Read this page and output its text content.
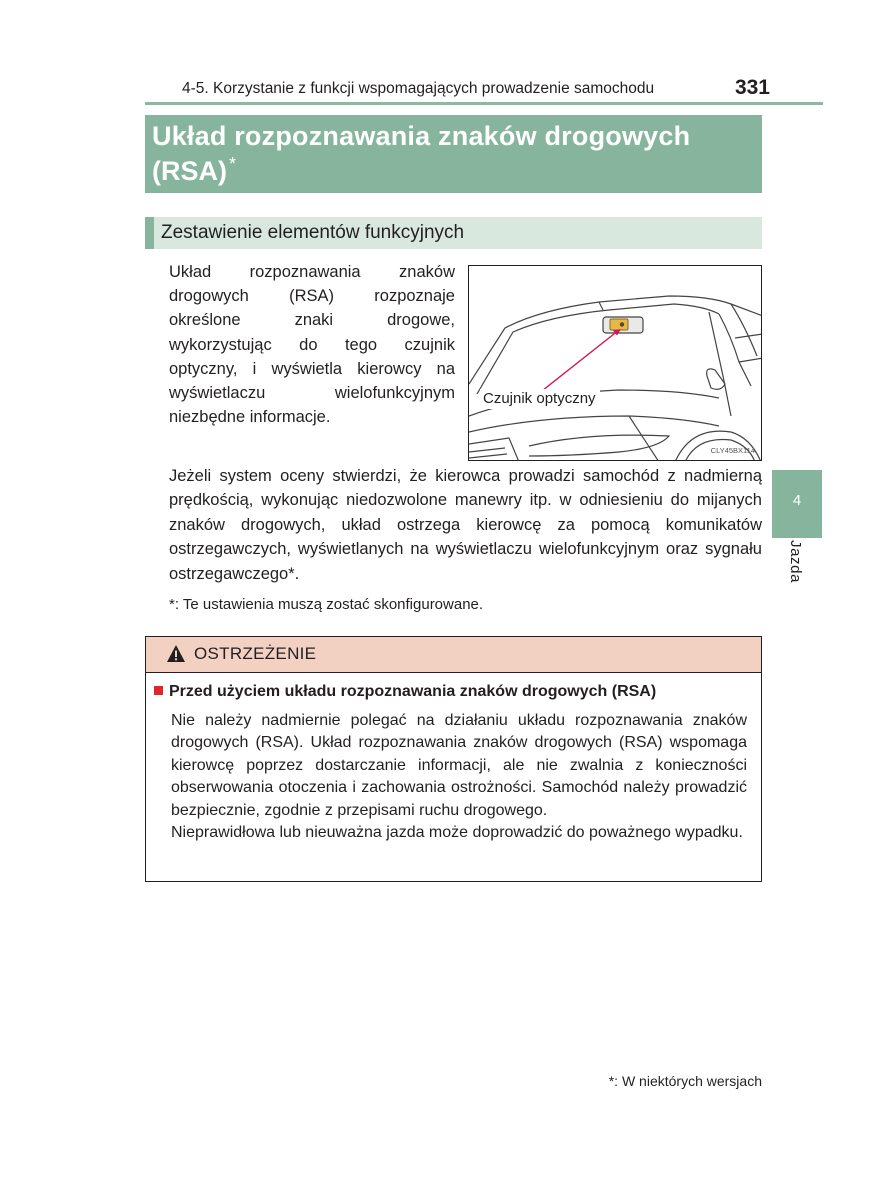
4-5. Korzystanie z funkcji wspomagających prowadzenie samochodu	331
Układ rozpoznawania znaków drogowych
(RSA) *
Zestawienie elementów funkcyjnych
Układ rozpoznawania znaków drogowych (RSA) rozpoznaje określone znaki drogowe, wykorzystując do tego czujnik optyczny, i wyświetla kierowcy na wyświetlaczu wielofunkcyjnym niezbędne informacje.
Czujnik optyczny
CLY45BX114
Jeżeli system oceny stwierdzi, że kierowca prowadzi samochód z nadmierną prędkością, wykonując niedozwolone manewry itp. w odniesieniu do mijanych znaków drogowych, układ ostrzega kierowcę za pomocą komunikatów ostrzegawczych, wyświetlanych na wyświetlaczu wielofunkcyjnym oraz sygnału ostrzegawczego*.
*: Te ustawienia muszą zostać skonfigurowane.
OSTRZEŻENIE
Przed użyciem układu rozpoznawania znaków drogowych (RSA)
Nie należy nadmiernie polegać na działaniu układu rozpoznawania znaków drogowych (RSA). Układ rozpoznawania znaków drogowych (RSA) wspomaga kierowcę poprzez dostarczanie informacji, ale nie zwalnia z konieczności obserwowania otoczenia i zachowania ostrożności. Samochód należy prowadzić bezpiecznie, zgodnie z przepisami ruchu drogowego.
Nieprawidłowa lub nieuważna jazda może doprowadzić do poważnego wypadku.
4
Jazda
*: W niektórych wersjach
